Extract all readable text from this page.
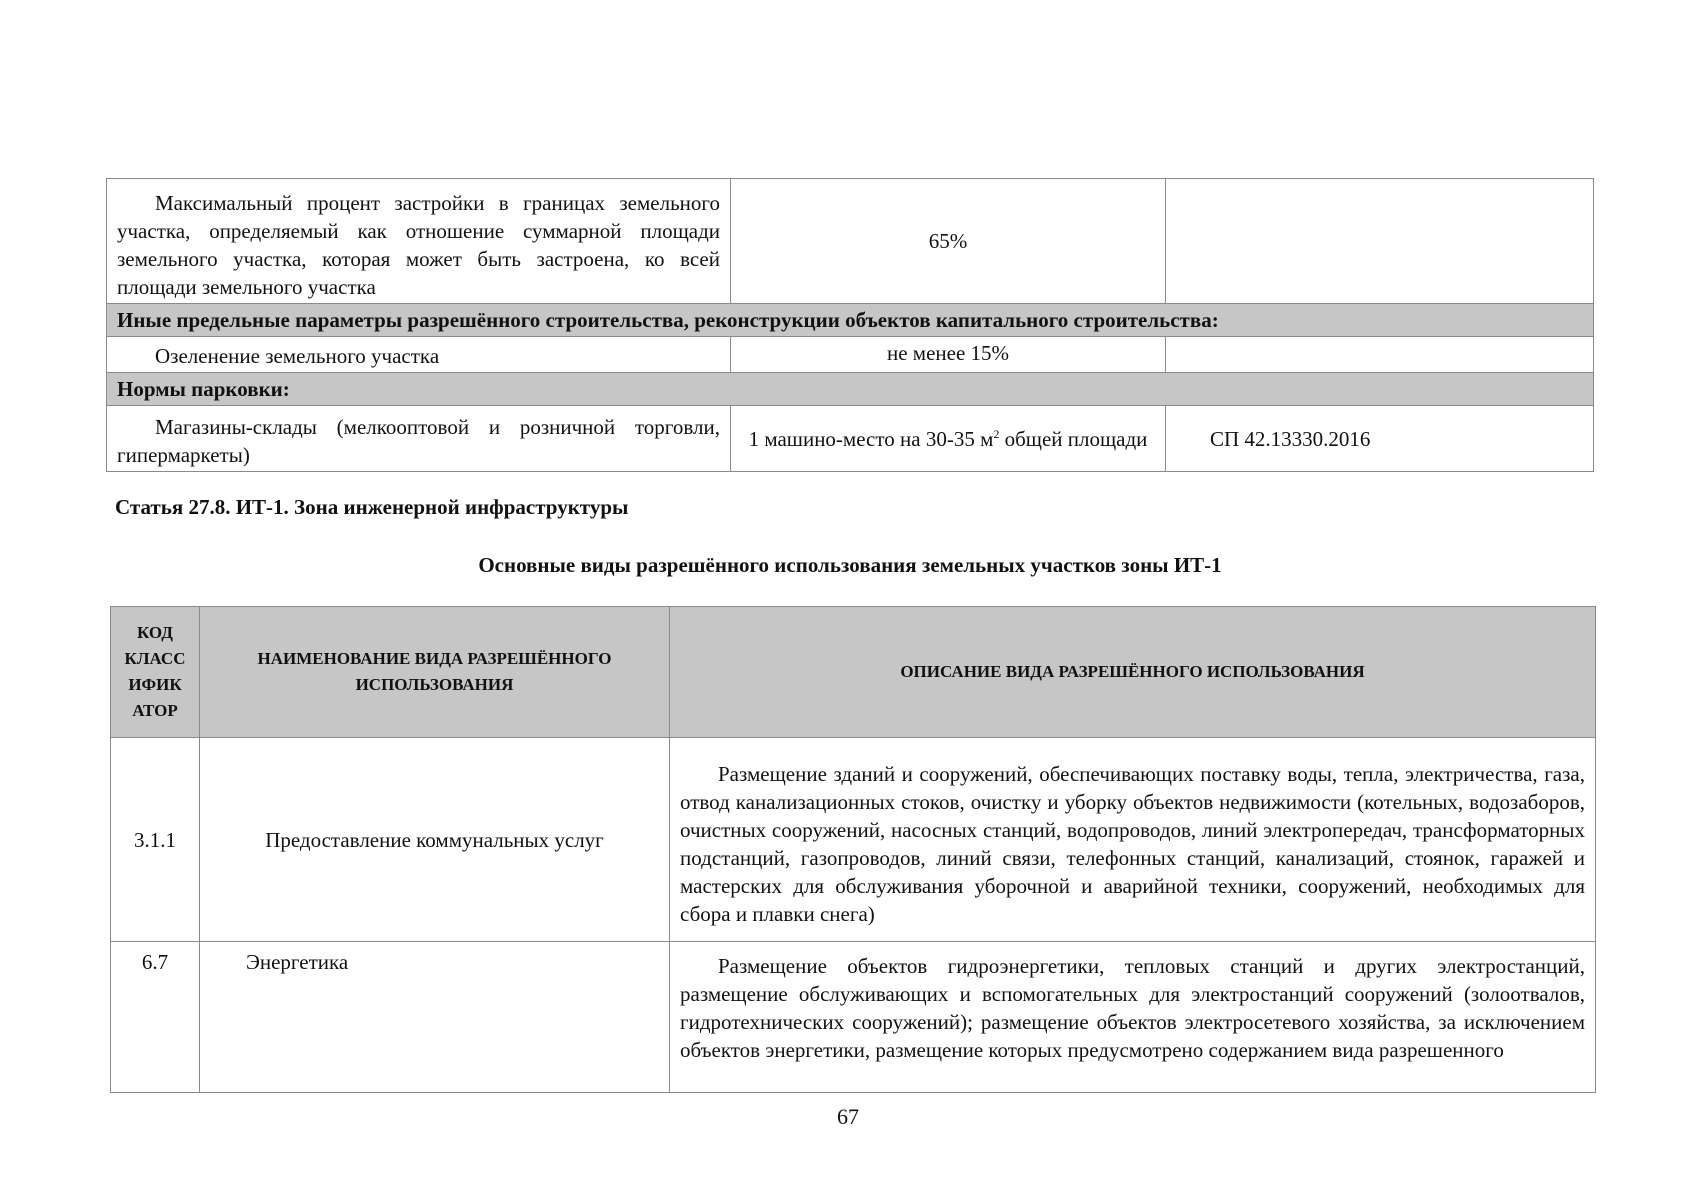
Максимальный процент застройки в границах земельного участка, определяемый как отношение суммарной площади земельного участка, которая может быть застроена, ко всей площади земельного участка	65%	
Иные предельные параметры разрешённого строительства, реконструкции объектов капитального строительства:		
Озеленение земельного участка	не менее 15%	
Нормы парковки:		
Магазины-склады (мелкооптовой и розничной торговли, гипермаркеты)	1 машино-место на 30-35 $м^2$ общей площади	СП 42.13330.2016

Статья 27.8. ИТ-1. Зона инженерной инфраструктуры

Основные виды разрешённого использования земельных участков зоны ИТ-1

КОД КЛАСС ИФИК АТОР	НАИМЕНОВАНИЕ ВИДА РАЗРЕШЁННОГО ИСПОЛЬЗОВАНИЯ	ОПИСАНИЕ ВИДА РАЗРЕШЁННОГО ИСПОЛЬЗОВАНИЯ
3.1.1	Предоставление коммунальных услуг	Размещение зданий и сооружений, обеспечивающих поставку воды, тепла, электричества, газа, отвод канализационных стоков, очистку и уборку объектов недвижимости (котельных, водозаборов, очистных сооружений, насосных станций, водопроводов, линий электропередач, трансформаторных подстанций, газопроводов, линий связи, телефонных станций, канализаций, стоянок, гаражей и мастерских для обслуживания уборочной и аварийной техники, сооружений, необходимых для сбора и плавки снега)
6.7	Энергетика	Размещение объектов гидроэнергетики, тепловых станций и других электростанций, размещение обслуживающих и вспомогательных для электростанций сооружений (золоотвалов, гидротехнических сооружений); размещение объектов электросетевого хозяйства, за исключением объектов энергетики, размещение которых предусмотрено содержанием вида разрешенного

67
